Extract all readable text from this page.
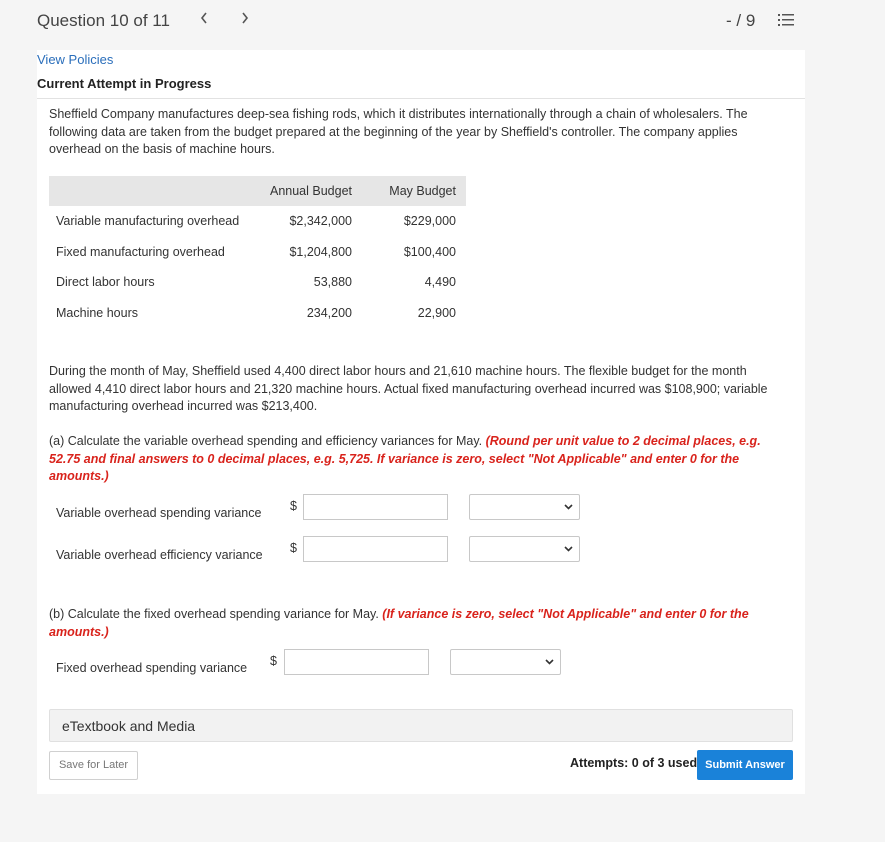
Question 10 of 11	- / 9
View Policies
Current Attempt in Progress

Sheffield Company manufactures deep-sea fishing rods, which it distributes internationally through a chain of wholesalers. The following data are taken from the budget prepared at the beginning of the year by Sheffield's controller. The company applies overhead on the basis of machine hours.

	Annual Budget	May Budget
Variable manufacturing overhead	$2,342,000	$229,000
Fixed manufacturing overhead	$1,204,800	$100,400
Direct labor hours	53,880	4,490
Machine hours	234,200	22,900

During the month of May, Sheffield used 4,400 direct labor hours and 21,610 machine hours. The flexible budget for the month allowed 4,410 direct labor hours and 21,320 machine hours. Actual fixed manufacturing overhead incurred was $108,900; variable manufacturing overhead incurred was $213,400.

(a) Calculate the variable overhead spending and efficiency variances for May. (Round per unit value to 2 decimal places, e.g. 52.75 and final answers to 0 decimal places, e.g. 5,725. If variance is zero, select "Not Applicable" and enter 0 for the amounts.)

Variable overhead spending variance $
Variable overhead efficiency variance $

(b) Calculate the fixed overhead spending variance for May. (If variance is zero, select "Not Applicable" and enter 0 for the amounts.)

Fixed overhead spending variance $
eTextbook and Media
Save for Later	Attempts: 0 of 3 used Submit Answer
